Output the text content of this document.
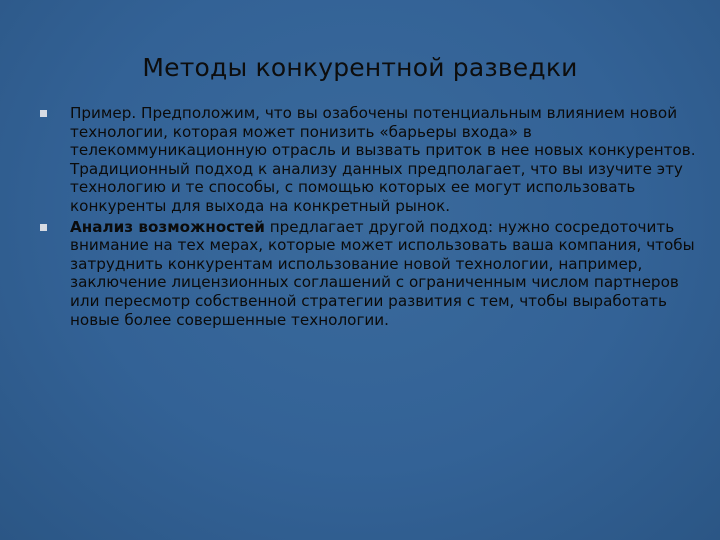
Методы конкурентной разведки
Пример. Предположим, что вы озабочены потенциальным влиянием новой технологии, которая может понизить «барьеры входа» в телекоммуникационную отрасль и вызвать приток в нее новых конкурентов. Традиционный подход к анализу данных предполагает, что вы изучите эту технологию и те способы, с помощью которых ее могут использовать конкуренты для выхода на конкретный рынок.
Анализ возможностей предлагает другой подход: нужно сосредоточить внимание на тех мерах, которые может использовать ваша компания, чтобы затруднить конкурентам использование новой технологии, например, заключение лицензионных соглашений с ограниченным числом партнеров или пересмотр собственной стратегии развития с тем, чтобы выработать новые более совершенные технологии.
